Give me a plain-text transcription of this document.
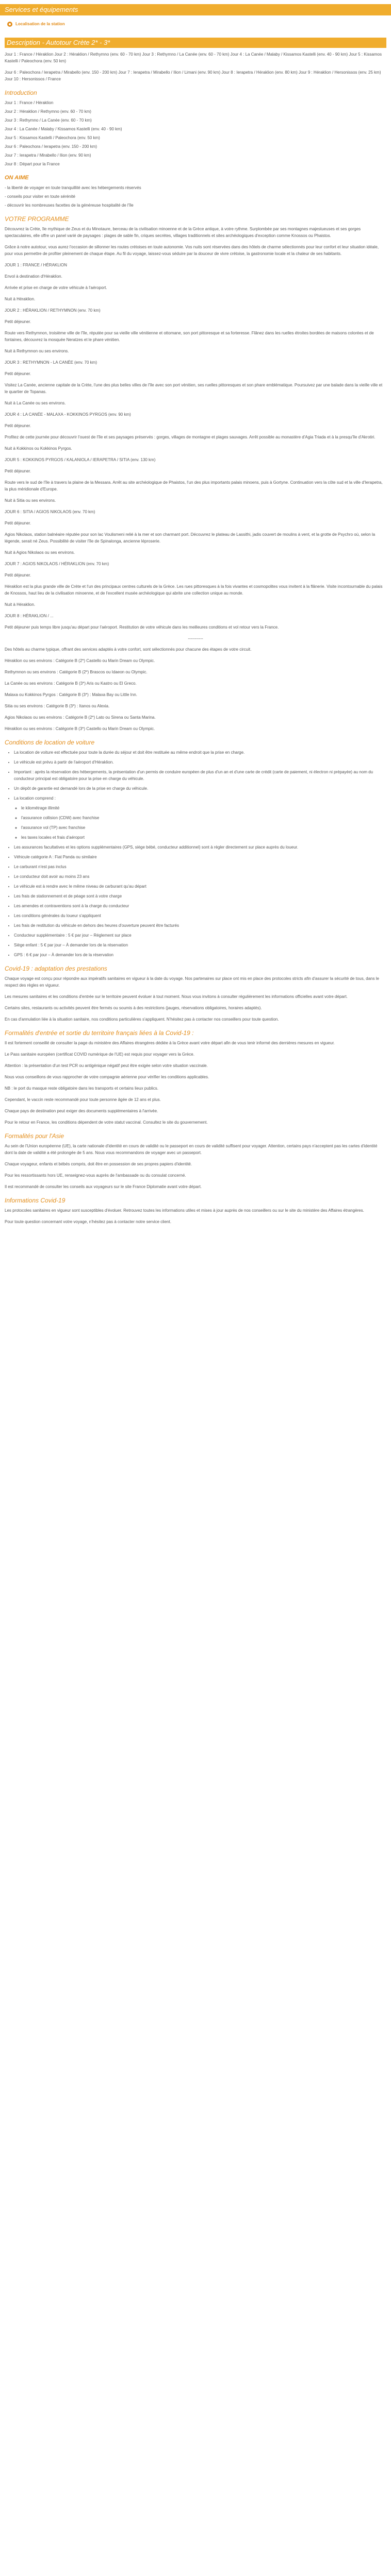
Services et équipements
Localisation de la station
Description - Autotour Crète 2* - 3*

Jour 1 : France / Héraklion Jour 2 : Héraklion / Rethymno (env. 60 - 70 km) Jour 3 : Rethymno / La Canée (env. 60 - 70 km) Jour 4 : La Canée / Malaby / Kissamos Kastelli (env. 40 - 90 km) Jour 5 : Kissamos Kastelli / Paleochora (env. 50 km)

Jour 6 : Paleochora / Ierapetra / Mirabello (env. 150 - 200 km) Jour 7 : Ierapetra / Mirabello / Ilion / Limani (env. 90 km) Jour 8 : Ierapetra / Héraklion (env. 80 km) Jour 9 : Héraklion / Hersonissos (env. 25 km) Jour 10 : Hersonissos / France

Introduction

Jour 1 : France / Héraklion

Jour 2 : Héraklion / Rethymno (env. 60 - 70 km)

Jour 3 : Rethymno / La Canée (env. 60 - 70 km)

Jour 4 : La Canée / Malaby / Kissamos Kastelli (env. 40 - 90 km)

Jour 5 : Kissamos Kastelli / Paleochora (env. 50 km)

Jour 6 : Paleochora / Ierapetra (env. 150 - 200 km)

Jour 7 : Ierapetra / Mirabello / Ilion (env. 90 km)

Jour 8 : Départ pour la France

ON AIME

- la liberté de voyager en toute tranquillité avec les hébergements réservés

- conseils pour visiter en toute sérénité

- découvrir les nombreuses facettes de la généreuse hospitalité de l'île

VOTRE PROGRAMME

Découvrez la Crète, île mythique de Zeus et du Minotaure, berceau de la civilisation minoenne et de la Grèce antique, à votre rythme. Surplombée par ses montagnes majestueuses et ses gorges spectaculaires, elle offre un panel varié de paysages : plages de sable fin, criques secrètes, villages traditionnels et sites archéologiques d'exception comme Knossos ou Phaistos.

Grâce à notre autotour, vous aurez l'occasion de sillonner les routes crétoises en toute autonomie. Vos nuits sont réservées dans des hôtels de charme sélectionnés pour leur confort et leur situation idéale, pour vous permettre de profiter pleinement de chaque étape. Au fil du voyage, laissez-vous séduire par la douceur de vivre crétoise, la gastronomie locale et la chaleur de ses habitants.

JOUR 1 : FRANCE / HÉRAKLION

Envol à destination d'Héraklion.

Arrivée et prise en charge de votre véhicule à l'aéroport.

Nuit à Héraklion.

JOUR 2 : HÉRAKLION / RETHYMNON (env. 70 km)

Petit déjeuner.

Route vers Rethymnon, troisième ville de l'île, réputée pour sa vieille ville vénitienne et ottomane, son port pittoresque et sa forteresse. Flânez dans les ruelles étroites bordées de maisons colorées et de fontaines, découvrez la mosquée Neratzes et le phare vénitien.

Nuit à Rethymnon ou ses environs.

JOUR 3 : RETHYMNON - LA CANÉE (env. 70 km)

Petit déjeuner.

Visitez La Canée, ancienne capitale de la Crète, l'une des plus belles villes de l'île avec son port vénitien, ses ruelles pittoresques et son phare emblématique. Poursuivez par une balade dans la vieille ville et le quartier de Topanas.

Nuit à La Canée ou ses environs.

JOUR 4 : LA CANÉE - MALAXA - KOKKINOS PYRGOS (env. 90 km)

Petit déjeuner.

Profitez de cette journée pour découvrir l'ouest de l'île et ses paysages préservés : gorges, villages de montagne et plages sauvages. Arrêt possible au monastère d'Agia Triada et à la presqu'île d'Akrotiri.

Nuit à Kokkinos ou Kokkinos Pyrgos.

JOUR 5 : KOKKINOS PYRGOS / KALANIOLA / IERAPETRA / SITIA (env. 130 km)

Petit déjeuner.

Route vers le sud de l'île à travers la plaine de la Messara. Arrêt au site archéologique de Phaistos, l'un des plus importants palais minoens, puis à Gortyne. Continuation vers la côte sud et la ville d'Ierapetra, la plus méridionale d'Europe.

Nuit à Sitia ou ses environs.

JOUR 6 : SITIA / AGIOS NIKOLAOS (env. 70 km)

Petit déjeuner.

Agios Nikolaos, station balnéaire réputée pour son lac Voulismeni relié à la mer et son charmant port. Découvrez le plateau de Lassithi, jadis couvert de moulins à vent, et la grotte de Psychro où, selon la légende, serait né Zeus. Possibilité de visiter l'île de Spinalonga, ancienne léproserie.

Nuit à Agios Nikolaos ou ses environs.

JOUR 7 : AGIOS NIKOLAOS / HÉRAKLION (env. 70 km)

Petit déjeuner.

Héraklion est la plus grande ville de Crète et l'un des principaux centres culturels de la Grèce. Les rues pittoresques à la fois vivantes et cosmopolites vous invitent à la flânerie. Visite incontournable du palais de Knossos, haut lieu de la civilisation minoenne, et de l'excellent musée archéologique qui abrite une collection unique au monde.

Nuit à Héraklion.

JOUR 8 : HÉRAKLION / ...

Petit déjeuner puis temps libre jusqu'au départ pour l'aéroport. Restitution de votre véhicule dans les meilleures conditions et vol retour vers la France.

-----------

Des hôtels au charme typique, offrant des services adaptés à votre confort, sont sélectionnés pour chacune des étapes de votre circuit.

Héraklion ou ses environs : Catégorie B (2*) Castello ou Marin Dream ou Olympic.

Rethymnon ou ses environs : Catégorie B (2*) Brascos ou Idaeon ou Olympic.

La Canée ou ses environs : Catégorie B (3*) Aris ou Kastro ou El Greco.

Malaxa ou Kokkinos Pyrgos : Catégorie B (3*) : Malaxa Bay ou Little Inn.

Sitia ou ses environs : Catégorie B (3*) : Itanos ou Alexia.

Agios Nikolaos ou ses environs : Catégorie B (2*) Lato ou Sirena ou Santa Marina.

Héraklion ou ses environs : Catégorie B (3*) Castello ou Marin Dream ou Olympic.

Conditions de location de voiture
• La location de voiture est effectuée pour toute la durée du séjour et doit être restituée au même endroit que la prise en charge.
• Le véhicule est prévu à partir de l'aéroport d'Héraklion.
• Important : après la réservation des hébergements, la présentation d'un permis de conduire européen de plus d'un an et d'une carte de crédit (carte de paiement, ni électron ni prépayée) au nom du conducteur principal est obligatoire pour la prise en charge du véhicule.
• Un dépôt de garantie est demandé lors de la prise en charge du véhicule.
• La location comprend :
◦ le kilométrage illimité
◦ l'assurance collision (CDW) avec franchise
◦ l'assurance vol (TP) avec franchise
◦ les taxes locales et frais d'aéroport
• Les assurances facultatives et les options supplémentaires (GPS, siège bébé, conducteur additionnel) sont à régler directement sur place auprès du loueur.
• Véhicule catégorie A : Fiat Panda ou similaire
• Le carburant n'est pas inclus
• Le conducteur doit avoir au moins 23 ans
• Le véhicule est à rendre avec le même niveau de carburant qu'au départ
• Les frais de stationnement et de péage sont à votre charge
• Les amendes et contraventions sont à la charge du conducteur
• Les conditions générales du loueur s'appliquent
• Les frais de restitution du véhicule en dehors des heures d'ouverture peuvent être facturés
• Conducteur supplémentaire : 5 € par jour – Réglement sur place
• Siège enfant : 5 € par jour – À demander lors de la réservation
• GPS : 6 € par jour – À demander lors de la réservation
Covid-19 : adaptation des prestations

Chaque voyage est conçu pour répondre aux impératifs sanitaires en vigueur à la date du voyage. Nos partenaires sur place ont mis en place des protocoles stricts afin d'assurer la sécurité de tous, dans le respect des règles en vigueur.

Les mesures sanitaires et les conditions d'entrée sur le territoire peuvent évoluer à tout moment. Nous vous invitons à consulter régulièrement les informations officielles avant votre départ.

Certains sites, restaurants ou activités peuvent être fermés ou soumis à des restrictions (jauges, réservations obligatoires, horaires adaptés).

En cas d'annulation liée à la situation sanitaire, nos conditions particulières s'appliquent. N'hésitez pas à contacter nos conseillers pour toute question.

Formalités d'entrée et sortie du territoire français liées à la Covid-19 :

Il est fortement conseillé de consulter la page du ministère des Affaires étrangères dédiée à la Grèce avant votre départ afin de vous tenir informé des dernières mesures en vigueur.

Le Pass sanitaire européen (certificat COVID numérique de l'UE) est requis pour voyager vers la Grèce.

Attention : la présentation d'un test PCR ou antigénique négatif peut être exigée selon votre situation vaccinale.

Nous vous conseillons de vous rapprocher de votre compagnie aérienne pour vérifier les conditions applicables.

NB : le port du masque reste obligatoire dans les transports et certains lieux publics.

Cependant, le vaccin reste recommandé pour toute personne âgée de 12 ans et plus.

Chaque pays de destination peut exiger des documents supplémentaires à l'arrivée.

Pour le retour en France, les conditions dépendent de votre statut vaccinal. Consultez le site du gouvernement.

Formalités pour l'Asie

Au sein de l'Union européenne (UE), la carte nationale d'identité en cours de validité ou le passeport en cours de validité suffisent pour voyager. Attention, certains pays n'acceptent pas les cartes d'identité dont la date de validité a été prolongée de 5 ans. Nous vous recommandons de voyager avec un passeport.

Chaque voyageur, enfants et bébés compris, doit être en possession de ses propres papiers d'identité.

Pour les ressortissants hors UE, renseignez-vous auprès de l'ambassade ou du consulat concerné.

Il est recommandé de consulter les conseils aux voyageurs sur le site France Diplomatie avant votre départ.

Informations Covid-19

Les protocoles sanitaires en vigueur sont susceptibles d'évoluer. Retrouvez toutes les informations utiles et mises à jour auprès de nos conseillers ou sur le site du ministère des Affaires étrangères.

Pour toute question concernant votre voyage, n'hésitez pas à contacter notre service client.
